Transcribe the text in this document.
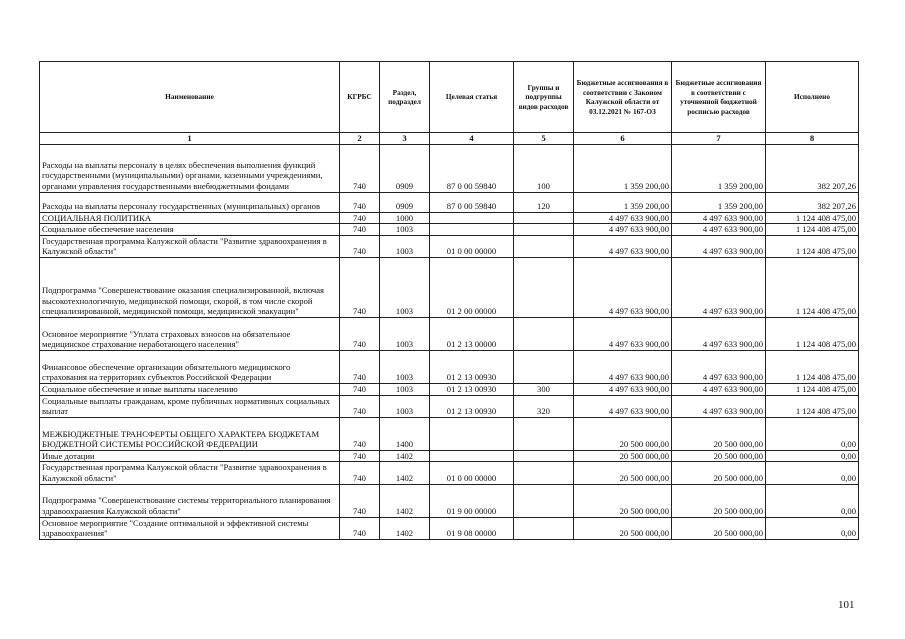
Наименование	КГРБС	Раздел, подраздел	Целевая статья	Группы и подгруппы видов расходов	Бюджетные ассигнования в соответствии с Законом Калужской области от 03.12.2021 № 167-ОЗ	Бюджетные ассигнования в соответствии с уточненной бюджетной росписью расходов	Исполнено
1	2	3	4	5	6	7	8
Расходы на выплаты персоналу в целях обеспечения выполнения функций государственными (муниципальными) органами, казенными учреждениями, органами управления государственными внебюджетными фондами	740	0909	87 0 00 59840	100	1 359 200,00	1 359 200,00	382 207,26
Расходы на выплаты персоналу государственных (муниципальных) органов	740	0909	87 0 00 59840	120	1 359 200,00	1 359 200,00	382 207,26
СОЦИАЛЬНАЯ ПОЛИТИКА	740	1000			4 497 633 900,00	4 497 633 900,00	1 124 408 475,00
Социальное обеспечение населения	740	1003			4 497 633 900,00	4 497 633 900,00	1 124 408 475,00
Государственная программа Калужской области "Развитие здравоохранения в Калужской области"	740	1003	01 0 00 00000		4 497 633 900,00	4 497 633 900,00	1 124 408 475,00
Подпрограмма "Совершенствование оказания специализированной, включая высокотехнологичную, медицинской помощи, скорой, в том числе скорой специализированной, медицинской помощи, медицинской эвакуации"	740	1003	01 2 00 00000		4 497 633 900,00	4 497 633 900,00	1 124 408 475,00
Основное мероприятие "Уплата страховых взносов на обязательное медицинское страхование неработающего населения"	740	1003	01 2 13 00000		4 497 633 900,00	4 497 633 900,00	1 124 408 475,00
Финансовое обеспечение организации обязательного медицинского страхования на территориях субъектов Российской Федерации	740	1003	01 2 13 00930		4 497 633 900,00	4 497 633 900,00	1 124 408 475,00
Социальное обеспечение и иные выплаты населению	740	1003	01 2 13 00930	300	4 497 633 900,00	4 497 633 900,00	1 124 408 475,00
Социальные выплаты гражданам, кроме публичных нормативных социальных выплат	740	1003	01 2 13 00930	320	4 497 633 900,00	4 497 633 900,00	1 124 408 475,00
МЕЖБЮДЖЕТНЫЕ ТРАНСФЕРТЫ ОБЩЕГО ХАРАКТЕРА БЮДЖЕТАМ БЮДЖЕТНОЙ СИСТЕМЫ РОССИЙСКОЙ ФЕДЕРАЦИИ	740	1400			20 500 000,00	20 500 000,00	0,00
Иные дотации	740	1402			20 500 000,00	20 500 000,00	0,00
Государственная программа Калужской области "Развитие здравоохранения в Калужской области"	740	1402	01 0 00 00000		20 500 000,00	20 500 000,00	0,00
Подпрограмма "Совершенствование системы территориального планирования здравоохранения Калужской области"	740	1402	01 9 00 00000		20 500 000,00	20 500 000,00	0,00
Основное мероприятие "Создание оптимальной и эффективной системы здравоохранения"	740	1402	01 9 08 00000		20 500 000,00	20 500 000,00	0,00
101
